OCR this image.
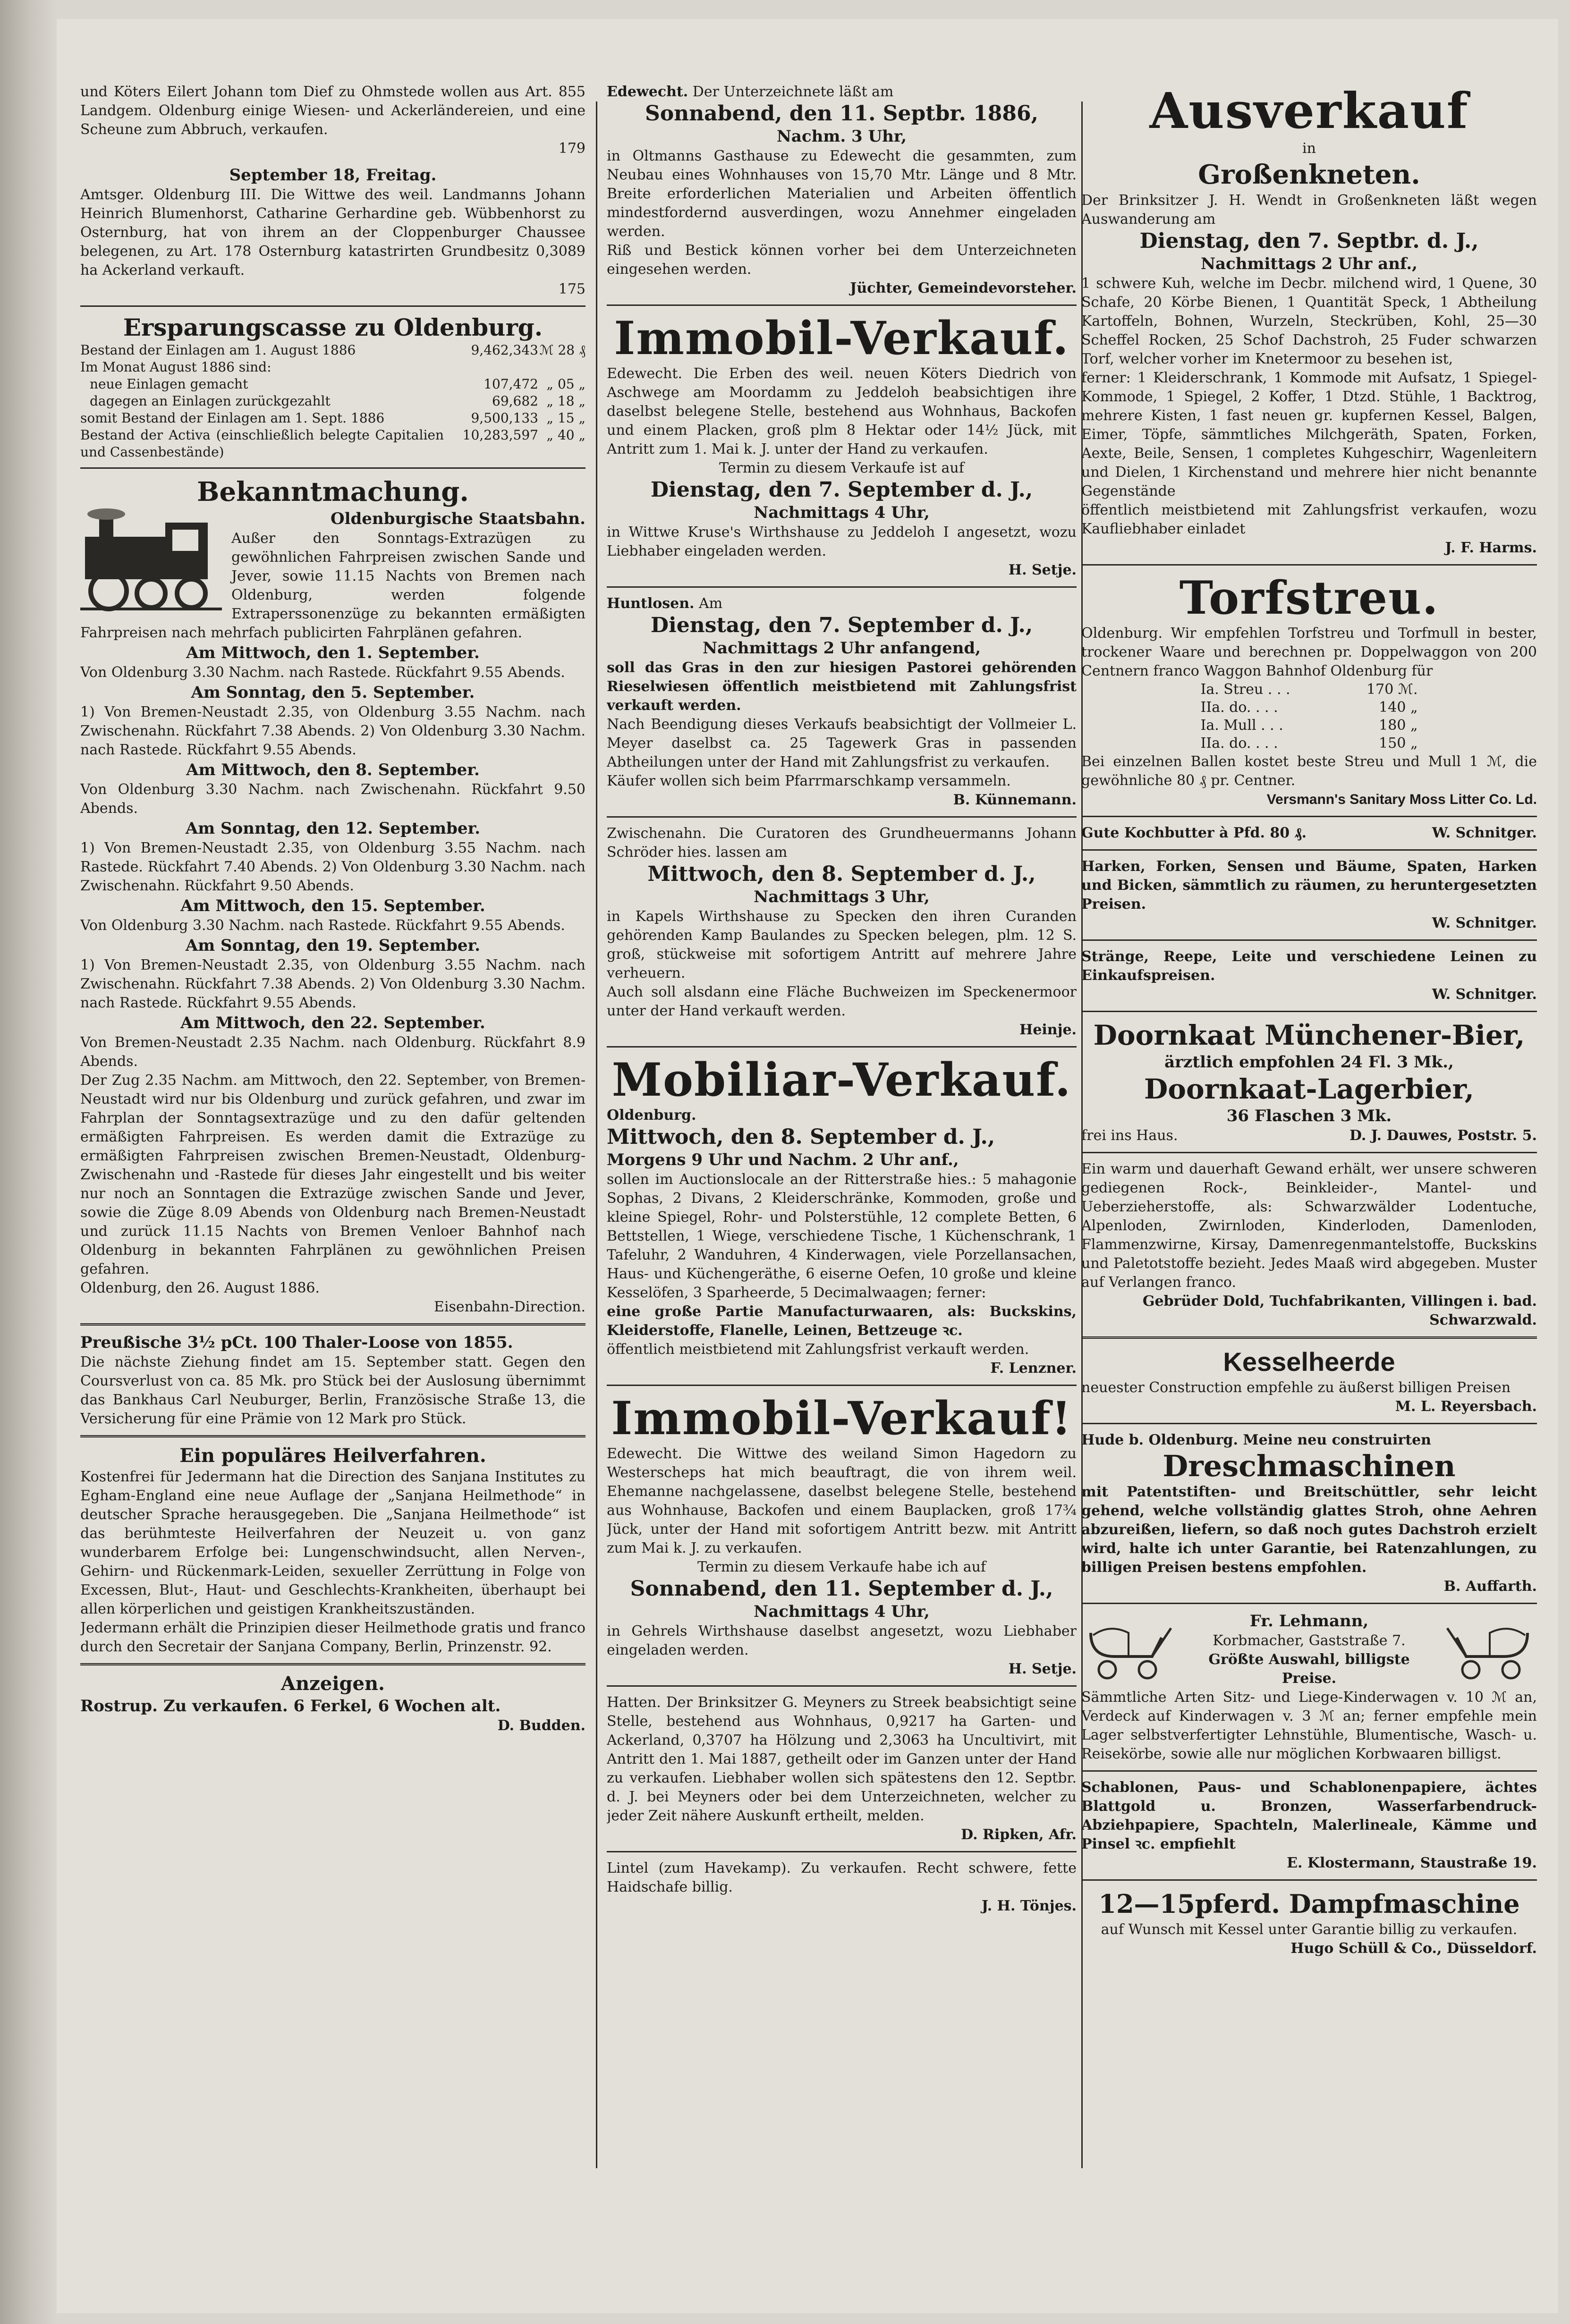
und Köters Eilert Johann tom Dief zu Ohmstede wollen aus Art. 855 Landgem. Oldenburg einige Wiesen- und Ackerländereien, und eine Scheune zum Abbruch, verkaufen.

179

September 18, Freitag.

Amtsger. Oldenburg III. Die Wittwe des weil. Landmanns Johann Heinrich Blumenhorst, Catharine Gerhardine geb. Wübbenhorst zu Osternburg, hat von ihrem an der Cloppenburger Chaussee belegenen, zu Art. 178 Osternburg katastrirten Grundbesitz 0,3089 ha Ackerland verkauft.

175

Ersparungscasse zu Oldenburg.

Bestand der Einlagen am 1. August 1886	9,462,343	ℳ 28 ₰
Im Monat August 1886 sind:		
neue Einlagen gemacht	107,472	„ 05 „
dagegen an Einlagen zurückgezahlt	69,682	„ 18 „
somit Bestand der Einlagen am 1. Sept. 1886	9,500,133	„ 15 „
Bestand der Activa (einschließlich belegte Capitalien und Cassenbestände)	10,283,597	„ 40 „

Bekanntmachung.

Oldenburgische Staatsbahn.

Außer den Sonntags-Extrazügen zu gewöhnlichen Fahrpreisen zwischen Sande und Jever, sowie 11.15 Nachts von Bremen nach Oldenburg, werden folgende Extraperssonenzüge zu bekannten ermäßigten Fahrpreisen nach mehrfach publicirten Fahrplänen gefahren.

Am Mittwoch, den 1. September.

Von Oldenburg 3.30 Nachm. nach Rastede. Rückfahrt 9.55 Abends.

Am Sonntag, den 5. September.

1) Von Bremen-Neustadt 2.35, von Oldenburg 3.55 Nachm. nach Zwischenahn. Rückfahrt 7.38 Abends. 2) Von Oldenburg 3.30 Nachm. nach Rastede. Rückfahrt 9.55 Abends.

Am Mittwoch, den 8. September.

Von Oldenburg 3.30 Nachm. nach Zwischenahn. Rückfahrt 9.50 Abends.

Am Sonntag, den 12. September.

1) Von Bremen-Neustadt 2.35, von Oldenburg 3.55 Nachm. nach Rastede. Rückfahrt 7.40 Abends. 2) Von Oldenburg 3.30 Nachm. nach Zwischenahn. Rückfahrt 9.50 Abends.

Am Mittwoch, den 15. September.

Von Oldenburg 3.30 Nachm. nach Rastede. Rückfahrt 9.55 Abends.

Am Sonntag, den 19. September.

1) Von Bremen-Neustadt 2.35, von Oldenburg 3.55 Nachm. nach Zwischenahn. Rückfahrt 7.38 Abends. 2) Von Oldenburg 3.30 Nachm. nach Rastede. Rückfahrt 9.55 Abends.

Am Mittwoch, den 22. September.

Von Bremen-Neustadt 2.35 Nachm. nach Oldenburg. Rückfahrt 8.9 Abends.

Der Zug 2.35 Nachm. am Mittwoch, den 22. September, von Bremen-Neustadt wird nur bis Oldenburg und zurück gefahren, und zwar im Fahrplan der Sonntagsextrazüge und zu den dafür geltenden ermäßigten Fahrpreisen. Es werden damit die Extrazüge zu ermäßigten Fahrpreisen zwischen Bremen-Neustadt, Oldenburg-Zwischenahn und -Rastede für dieses Jahr eingestellt und bis weiter nur noch an Sonntagen die Extrazüge zwischen Sande und Jever, sowie die Züge 8.09 Abends von Oldenburg nach Bremen-Neustadt und zurück 11.15 Nachts von Bremen Venloer Bahnhof nach Oldenburg in bekannten Fahrplänen zu gewöhnlichen Preisen gefahren.

Oldenburg, den 26. August 1886.

Eisenbahn-Direction.

Preußische 3½ pCt. 100 Thaler-Loose von 1855.

Die nächste Ziehung findet am 15. September statt. Gegen den Coursverlust von ca. 85 Mk. pro Stück bei der Auslosung übernimmt das Bankhaus Carl Neuburger, Berlin, Französische Straße 13, die Versicherung für eine Prämie von 12 Mark pro Stück.

Ein populäres Heilverfahren.

Kostenfrei für Jedermann hat die Direction des Sanjana Institutes zu Egham-England eine neue Auflage der „Sanjana Heilmethode“ in deutscher Sprache herausgegeben. Die „Sanjana Heilmethode“ ist das berühmteste Heilverfahren der Neuzeit u. von ganz wunderbarem Erfolge bei: Lungenschwindsucht, allen Nerven-, Gehirn- und Rückenmark-Leiden, sexueller Zerrüttung in Folge von Excessen, Blut-, Haut- und Geschlechts-Krankheiten, überhaupt bei allen körperlichen und geistigen Krankheitszuständen.

Jedermann erhält die Prinzipien dieser Heilmethode gratis und franco durch den Secretair der Sanjana Company, Berlin, Prinzenstr. 92.

Anzeigen.

Rostrup. Zu verkaufen. 6 Ferkel, 6 Wochen alt.

D. Budden.

Edewecht. Der Unterzeichnete läßt am

Sonnabend, den 11. Septbr. 1886,

Nachm. 3 Uhr,

in Oltmanns Gasthause zu Edewecht die gesammten, zum Neubau eines Wohnhauses von 15,70 Mtr. Länge und 8 Mtr. Breite erforderlichen Materialien und Arbeiten öffentlich mindestfordernd ausverdingen, wozu Annehmer eingeladen werden.

Riß und Bestick können vorher bei dem Unterzeichneten eingesehen werden.

Jüchter, Gemeindevorsteher.

Immobil-Verkauf.

Edewecht. Die Erben des weil. neuen Köters Diedrich von Aschwege am Moordamm zu Jeddeloh beabsichtigen ihre daselbst belegene Stelle, bestehend aus Wohnhaus, Backofen und einem Placken, groß plm 8 Hektar oder 14½ Jück, mit Antritt zum 1. Mai k. J. unter der Hand zu verkaufen.

Termin zu diesem Verkaufe ist auf

Dienstag, den 7. September d. J.,

Nachmittags 4 Uhr,

in Wittwe Kruse's Wirthshause zu Jeddeloh I angesetzt, wozu Liebhaber eingeladen werden.

H. Setje.

Huntlosen. Am

Dienstag, den 7. September d. J.,

Nachmittags 2 Uhr anfangend,

soll das Gras in den zur hiesigen Pastorei gehörenden Rieselwiesen öffentlich meistbietend mit Zahlungsfrist verkauft werden.

Nach Beendigung dieses Verkaufs beabsichtigt der Vollmeier L. Meyer daselbst ca. 25 Tagewerk Gras in passenden Abtheilungen unter der Hand mit Zahlungsfrist zu verkaufen.

Käufer wollen sich beim Pfarrmarschkamp versammeln.

B. Künnemann.

Zwischenahn. Die Curatoren des Grundheuermanns Johann Schröder hies. lassen am

Mittwoch, den 8. September d. J.,

Nachmittags 3 Uhr,

in Kapels Wirthshause zu Specken den ihren Curanden gehörenden Kamp Baulandes zu Specken belegen, plm. 12 S. groß, stückweise mit sofortigem Antritt auf mehrere Jahre verheuern.

Auch soll alsdann eine Fläche Buchweizen im Speckenermoor unter der Hand verkauft werden.

Heinje.

Mobiliar-Verkauf.

Oldenburg.

Mittwoch, den 8. September d. J.,

Morgens 9 Uhr und Nachm. 2 Uhr anf.,

sollen im Auctionslocale an der Ritterstraße hies.: 5 mahagonie Sophas, 2 Divans, 2 Kleiderschränke, Kommoden, große und kleine Spiegel, Rohr- und Polsterstühle, 12 complete Betten, 6 Bettstellen, 1 Wiege, verschiedene Tische, 1 Küchenschrank, 1 Tafeluhr, 2 Wanduhren, 4 Kinderwagen, viele Porzellansachen, Haus- und Küchengeräthe, 6 eiserne Oefen, 10 große und kleine Kesselöfen, 3 Sparheerde, 5 Decimalwaagen; ferner:

eine große Partie Manufacturwaaren, als: Buckskins, Kleiderstoffe, Flanelle, Leinen, Bettzeuge ꝛc.

öffentlich meistbietend mit Zahlungsfrist verkauft werden.

F. Lenzner.

Immobil-Verkauf!

Edewecht. Die Wittwe des weiland Simon Hagedorn zu Westerscheps hat mich beauftragt, die von ihrem weil. Ehemanne nachgelassene, daselbst belegene Stelle, bestehend aus Wohnhause, Backofen und einem Bauplacken, groß 17¾ Jück, unter der Hand mit sofortigem Antritt bezw. mit Antritt zum Mai k. J. zu verkaufen.

Termin zu diesem Verkaufe habe ich auf

Sonnabend, den 11. September d. J.,

Nachmittags 4 Uhr,

in Gehrels Wirthshause daselbst angesetzt, wozu Liebhaber eingeladen werden.

H. Setje.

Hatten. Der Brinksitzer G. Meyners zu Streek beabsichtigt seine Stelle, bestehend aus Wohnhaus, 0,9217 ha Garten- und Ackerland, 0,3707 ha Hölzung und 2,3063 ha Uncultivirt, mit Antritt den 1. Mai 1887, getheilt oder im Ganzen unter der Hand zu verkaufen. Liebhaber wollen sich spätestens den 12. Septbr. d. J. bei Meyners oder bei dem Unterzeichneten, welcher zu jeder Zeit nähere Auskunft ertheilt, melden.

D. Ripken, Afr.

Lintel (zum Havekamp). Zu verkaufen. Recht schwere, fette Haidschafe billig.

J. H. Tönjes.

Ausverkauf

in

Großenkneten.

Der Brinksitzer J. H. Wendt in Großenkneten läßt wegen Auswanderung am

Dienstag, den 7. Septbr. d. J.,

Nachmittags 2 Uhr anf.,

1 schwere Kuh, welche im Decbr. milchend wird, 1 Quene, 30 Schafe, 20 Körbe Bienen, 1 Quantität Speck, 1 Abtheilung Kartoffeln, Bohnen, Wurzeln, Steckrüben, Kohl, 25—30 Scheffel Rocken, 25 Schof Dachstroh, 25 Fuder schwarzen Torf, welcher vorher im Knetermoor zu besehen ist,

ferner: 1 Kleiderschrank, 1 Kommode mit Aufsatz, 1 Spiegel-Kommode, 1 Spiegel, 2 Koffer, 1 Dtzd. Stühle, 1 Backtrog, mehrere Kisten, 1 fast neuen gr. kupfernen Kessel, Balgen, Eimer, Töpfe, sämmtliches Milchgeräth, Spaten, Forken, Aexte, Beile, Sensen, 1 completes Kuhgeschirr, Wagenleitern und Dielen, 1 Kirchenstand und mehrere hier nicht benannte Gegenstände

öffentlich meistbietend mit Zahlungsfrist verkaufen, wozu Kaufliebhaber einladet

J. F. Harms.

Torfstreu.

Oldenburg. Wir empfehlen Torfstreu und Torfmull in bester, trockener Waare und berechnen pr. Doppelwaggon von 200 Centnern franco Waggon Bahnhof Oldenburg für

Ia. Streu . . .	170 ℳ.
IIa. do. . . .	140 „
Ia. Mull . . .	180 „
IIa. do. . . .	150 „

Bei einzelnen Ballen kostet beste Streu und Mull 1 ℳ, die gewöhnliche 80 ₰ pr. Centner.

Versmann's Sanitary Moss Litter Co. Ld.

Gute Kochbutter à Pfd. 80 ₰.	W. Schnitger.

Harken, Forken, Sensen und Bäume, Spaten, Harken und Bicken, sämmtlich zu räumen, zu heruntergesetzten Preisen.

W. Schnitger.

Stränge, Reepe, Leite und verschiedene Leinen zu Einkaufspreisen.

W. Schnitger.

Doornkaat Münchener-Bier,

ärztlich empfohlen 24 Fl. 3 Mk.,

Doornkaat-Lagerbier,

36 Flaschen 3 Mk.

frei ins Haus.	D. J. Dauwes, Poststr. 5.

Ein warm und dauerhaft Gewand erhält, wer unsere schweren gediegenen Rock-, Beinkleider-, Mantel- und Ueberzieherstoffe, als: Schwarzwälder Lodentuche, Alpenloden, Zwirnloden, Kinderloden, Damenloden, Flammenzwirne, Kirsay, Damenregenmantelstoffe, Buckskins und Paletotstoffe bezieht. Jedes Maaß wird abgegeben. Muster auf Verlangen franco.

Gebrüder Dold, Tuchfabrikanten, Villingen i. bad. Schwarzwald.

Kesselheerde

neuester Construction empfehle zu äußerst billigen Preisen

M. L. Reyersbach.

Hude b. Oldenburg. Meine neu construirten

Dreschmaschinen

mit Patentstiften- und Breitschüttler, sehr leicht gehend, welche vollständig glattes Stroh, ohne Aehren abzureißen, liefern, so daß noch gutes Dachstroh erzielt wird, halte ich unter Garantie, bei Ratenzahlungen, zu billigen Preisen bestens empfohlen.

B. Auffarth.

Fr. Lehmann,

Korbmacher, Gaststraße 7.

Größte Auswahl, billigste Preise.

Sämmtliche Arten Sitz- und Liege-Kinderwagen v. 10 ℳ an, Verdeck auf Kinderwagen v. 3 ℳ an; ferner empfehle mein Lager selbstverfertigter Lehnstühle, Blumentische, Wasch- u. Reisekörbe, sowie alle nur möglichen Korbwaaren billigst.

Schablonen, Paus- und Schablonenpapiere, ächtes Blattgold u. Bronzen, Wasserfarbendruck- Abziehpapiere, Spachteln, Malerlineale, Kämme und Pinsel ꝛc. empfiehlt

E. Klostermann, Staustraße 19.

12—15pferd. Dampfmaschine

auf Wunsch mit Kessel unter Garantie billig zu verkaufen.

Hugo Schüll & Co., Düsseldorf.
